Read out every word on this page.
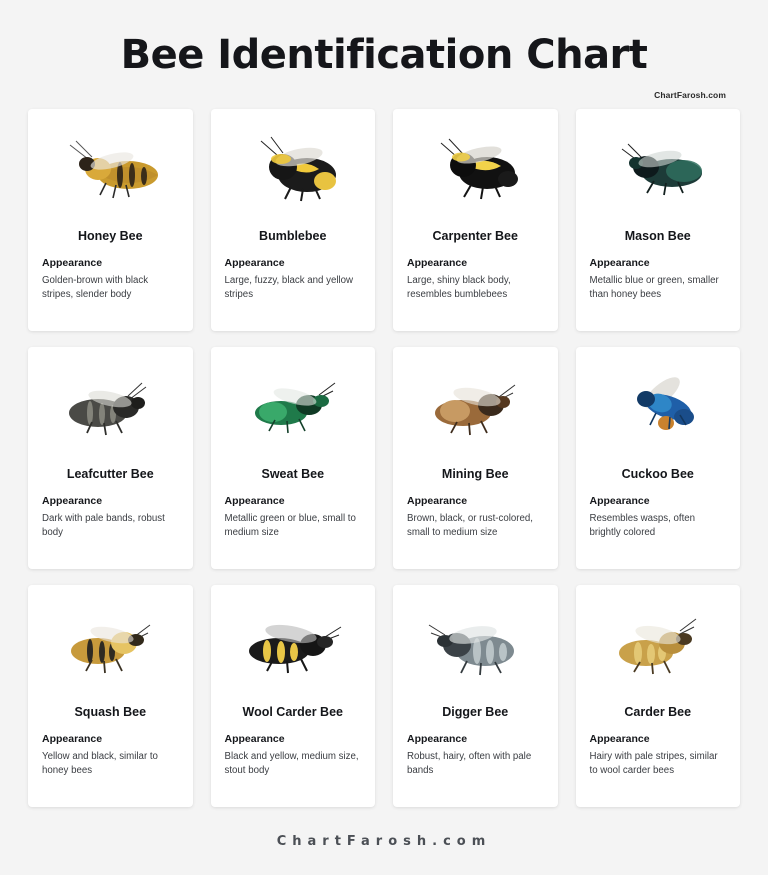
Bee Identification Chart
ChartFarosh.com
Honey Bee
Appearance
Golden-brown with black stripes, slender body
Bumblebee
Appearance
Large, fuzzy, black and yellow stripes
Carpenter Bee
Appearance
Large, shiny black body, resembles bumblebees
Mason Bee
Appearance
Metallic blue or green, smaller than honey bees
Leafcutter Bee
Appearance
Dark with pale bands, robust body
Sweat Bee
Appearance
Metallic green or blue, small to medium size
Mining Bee
Appearance
Brown, black, or rust-colored, small to medium size
Cuckoo Bee
Appearance
Resembles wasps, often brightly colored
Squash Bee
Appearance
Yellow and black, similar to honey bees
Wool Carder Bee
Appearance
Black and yellow, medium size, stout body
Digger Bee
Appearance
Robust, hairy, often with pale bands
Carder Bee
Appearance
Hairy with pale stripes, similar to wool carder bees
ChartFarosh.com
